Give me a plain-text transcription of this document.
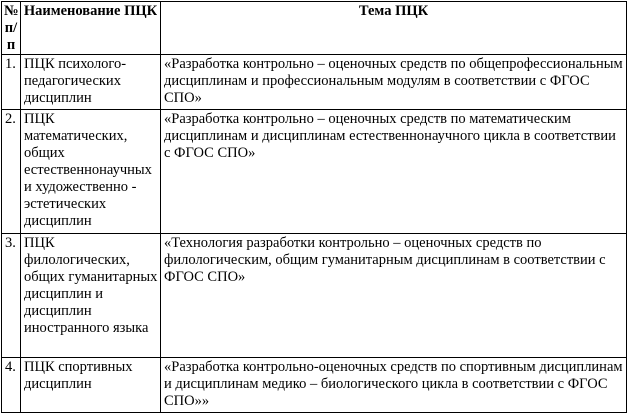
№ п/п	Наименование ПЦК	Тема ПЦК
1.	ПЦК психолого-педагогических дисциплин	«Разработка контрольно – оценочных средств по общепрофессиональным дисциплинам и профессиональным модулям в соответствии с ФГОС СПО»
2.	ПЦК математических, общих естественнонаучных и художественно - эстетических дисциплин	«Разработка контрольно – оценочных средств по математическим дисциплинам и дисциплинам естественнонаучного цикла в соответствии с ФГОС СПО»
3.	ПЦК филологических, общих гуманитарных дисциплин и дисциплин иностранного языка	«Технология разработки контрольно – оценочных средств по филологическим, общим гуманитарным дисциплинам в соответствии с ФГОС СПО»
4.	ПЦК спортивных дисциплин	«Разработка контрольно-оценочных средств по спортивным дисциплинам и дисциплинам медико – биологического цикла в соответствии с ФГОС СПО»»
